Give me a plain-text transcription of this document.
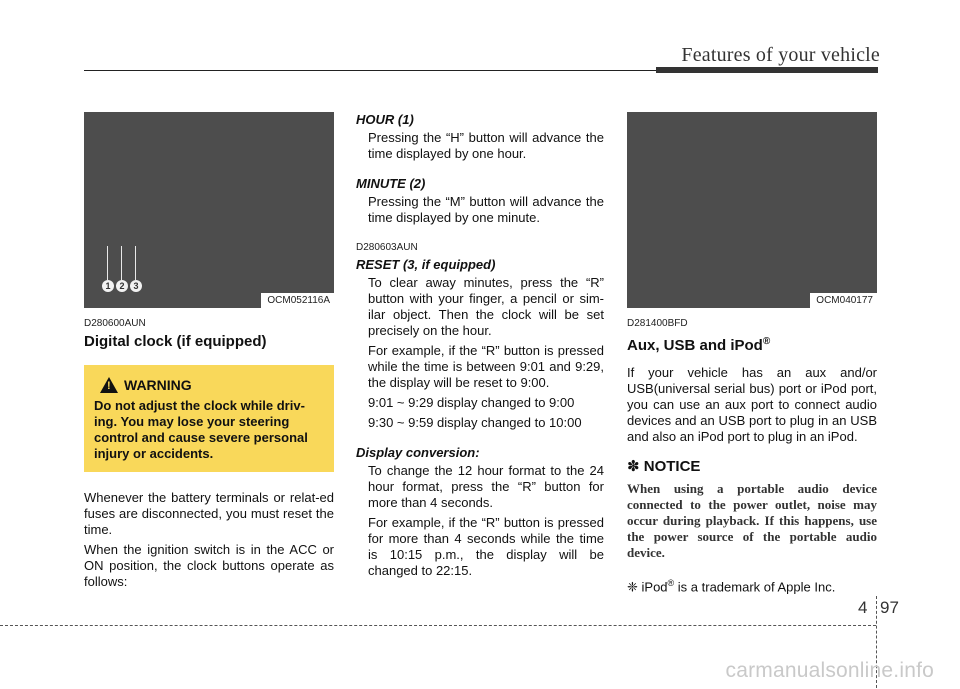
Features of your vehicle
1 2 3
OCM052116A
D280600AUN
Digital clock (if equipped)
! WARNING
Do not adjust the clock while driv-ing. You may lose your steering control and cause severe personal injury or accidents.

Whenever the battery terminals or relat-ed fuses are disconnected, you must reset the time.

When the ignition switch is in the ACC or ON position, the clock buttons operate as follows:

HOUR (1)

Pressing the “H” button will advance the time displayed by one hour.

MINUTE (2)

Pressing the “M” button will advance the time displayed by one minute.

D280603AUN
RESET (3, if equipped)

To clear away minutes, press the “R” button with your finger, a pencil or sim-ilar object. Then the clock will be set precisely on the hour.

For example, if the “R” button is pressed while the time is between 9:01 and 9:29, the display will be reset to 9:00.

9:01 ~ 9:29 display changed to 9:00

9:30 ~ 9:59 display changed to 10:00

Display conversion:

To change the 12 hour format to the 24 hour format, press the “R” button for more than 4 seconds.

For example, if the “R” button is pressed for more than 4 seconds while the time is 10:15 p.m., the display will be changed to 22:15.

OCM040177
D281400BFD
Aux, USB and iPod®

If your vehicle has an aux and/or USB(universal serial bus) port or iPod port, you can use an aux port to connect audio devices and an USB port to plug in an USB and also an iPod port to plug in an iPod.

✽ NOTICE
When using a portable audio device connected to the power outlet, noise may occur during playback. If this happens, use the power source of the portable audio device.
❈ iPod® is a trademark of Apple Inc.
4 97
carmanualsonline.info
